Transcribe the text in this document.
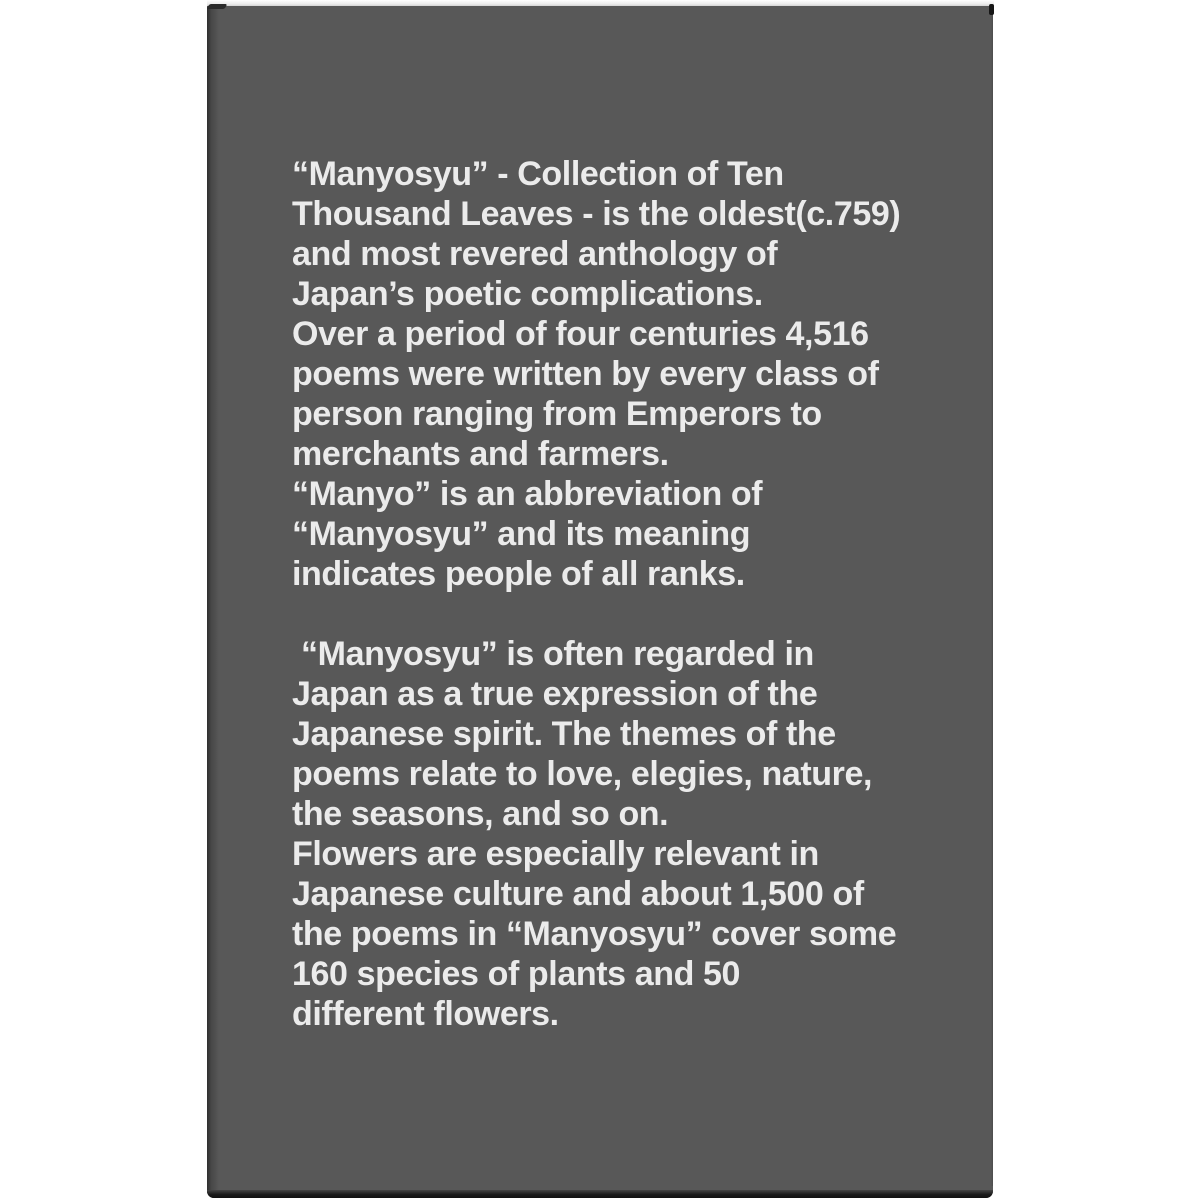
“Manyosyu” - Collection of Ten
Thousand Leaves - is the oldest(c.759)
and most revered anthology of
Japan’s poetic complications.
Over a period of four centuries 4,516
poems were written by every class of
person ranging from Emperors to
merchants and farmers.
“Manyo” is an abbreviation of
“Manyosyu” and its meaning
indicates people of all ranks.
“Manyosyu” is often regarded in
Japan as a true expression of the
Japanese spirit. The themes of the
poems relate to love, elegies, nature,
the seasons, and so on.
Flowers are especially relevant in
Japanese culture and about 1,500 of
the poems in “Manyosyu” cover some
160 species of plants and 50
different flowers.
